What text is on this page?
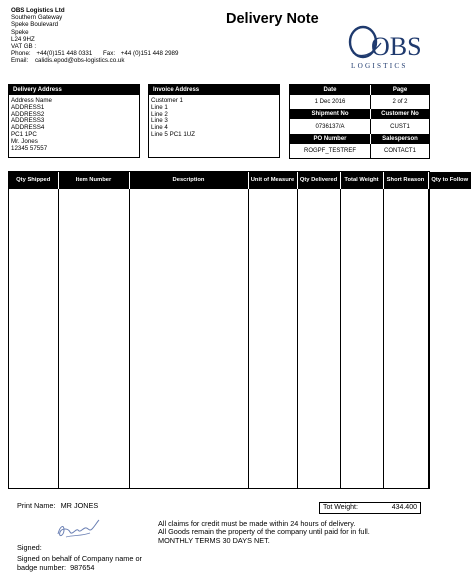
OBS Logistics Ltd
Southern Gateway
Speke Boulevard
Speke
L24 9HZ
VAT GB :
Phone: +44(0)151 448 0331 Fax: +44 (0)151 448 2989
Email: calidis.epod@obs-logistics.co.uk
Delivery Note
OBS
LOGISTICS
Delivery Address
Address Name
ADDRESS1
ADDRESS2
ADDRESS3
ADDRESS4
PC1 1PC
Mr. Jones
12345 57557
Invoice Address
Customer 1
Line 1
Line 2
Line 3
Line 4
Line 5 PC1 1UZ
Date	Page
1 Dec 2016	2 of 2
Shipment No	Customer No
0736137/A	CUST1
PO Number	Salesperson
ROGPF_TESTREF	CONTACT1
Qty Shipped	Item Number	Description	Unit of Measure	Qty Delivered	Total Weight	Short Reason	Qty to Follow

Print Name: MR JONES	Tot Weight:	434.400
Signed:
Signed on behalf of Company name or
badge number: 987654
All claims for credit must be made within 24 hours of delivery.
All Goods remain the property of the company until paid for in full.
MONTHLY TERMS 30 DAYS NET.
